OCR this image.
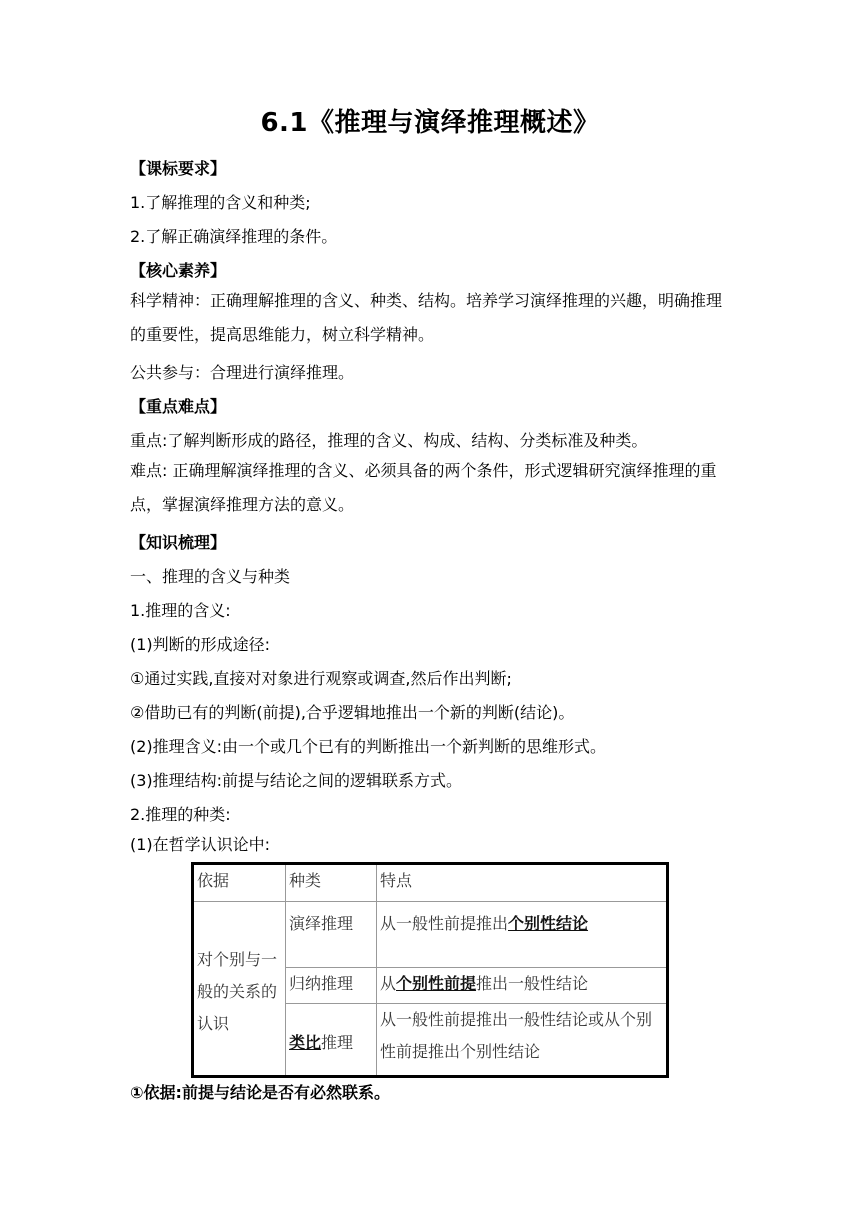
6.1《推理与演绎推理概述》
【课标要求】
1.了解推理的含义和种类;
2.了解正确演绎推理的条件。
【核心素养】
科学精神：正确理解推理的含义、种类、结构。培养学习演绎推理的兴趣，明确推理的重要性，提高思维能力，树立科学精神。
公共参与：合理进行演绎推理。
【重点难点】
重点:了解判断形成的路径，推理的含义、构成、结构、分类标准及种类。
难点: 正确理解演绎推理的含义、必须具备的两个条件，形式逻辑研究演绎推理的重点，掌握演绎推理方法的意义。
【知识梳理】
一、推理的含义与种类
1.推理的含义:
(1)判断的形成途径:
①通过实践,直接对对象进行观察或调查,然后作出判断;
②借助已有的判断(前提),合乎逻辑地推出一个新的判断(结论)。
(2)推理含义:由一个或几个已有的判断推出一个新判断的思维形式。
(3)推理结构:前提与结论之间的逻辑联系方式。
2.推理的种类:
(1)在哲学认识论中:
依据	种类	特点
对个别与一般的关系的认识	演绎推理	从一般性前提推出个别性结论
	归纳推理	从个别性前提推出一般性结论
	类比推理	从一般性前提推出一般性结论或从个别性前提推出个别性结论
①依据:前提与结论是否有必然联系。
